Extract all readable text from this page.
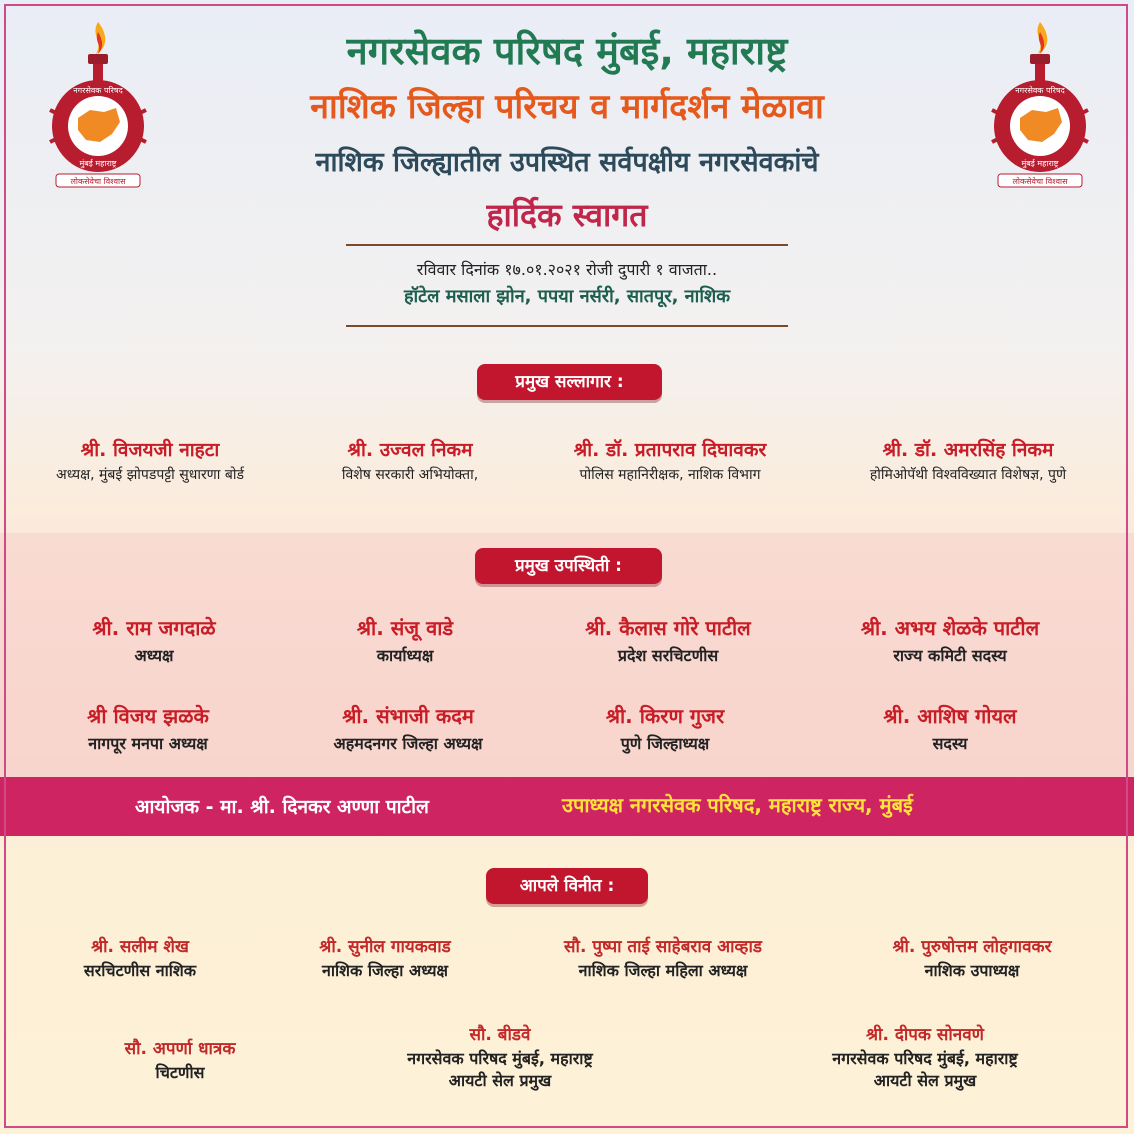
नगरसेवक परिषद
मुंबई महाराष्ट्र
लोकसेवेचा विश्वास
नगरसेवक परिषद
मुंबई महाराष्ट्र
लोकसेवेचा विश्वास
नगरसेवक परिषद मुंबई, महाराष्ट्र
नाशिक जिल्हा परिचय व मार्गदर्शन मेळावा
नाशिक जिल्ह्यातील उपस्थित सर्वपक्षीय नगरसेवकांचे
हार्दिक स्वागत
रविवार दिनांक १७.०१.२०२१ रोजी दुपारी १ वाजता..
हॉटेल मसाला झोन, पपया नर्सरी, सातपूर, नाशिक
प्रमुख सल्लागार :
श्री. विजयजी नाहटा
अध्यक्ष, मुंबई झोपडपट्टी सुधारणा बोर्ड
श्री. उज्वल निकम
विशेष सरकारी अभियोक्ता,
श्री. डॉ. प्रतापराव दिघावकर
पोलिस महानिरीक्षक, नाशिक विभाग
श्री. डॉ. अमरसिंह निकम
होमिओपॅथी विश्वविख्यात विशेषज्ञ, पुणे
प्रमुख उपस्थिती :
श्री. राम जगदाळे
अध्यक्ष
श्री. संजू वाडे
कार्याध्यक्ष
श्री. कैलास गोरे पाटील
प्रदेश सरचिटणीस
श्री. अभय शेळके पाटील
राज्य कमिटी सदस्य
श्री विजय झळके
नागपूर मनपा अध्यक्ष
श्री. संभाजी कदम
अहमदनगर जिल्हा अध्यक्ष
श्री. किरण गुजर
पुणे जिल्हाध्यक्ष
श्री. आशिष गोयल
सदस्य
आयोजक - मा. श्री. दिनकर अण्णा पाटील	उपाध्यक्ष नगरसेवक परिषद, महाराष्ट्र राज्य, मुंबई
आपले विनीत :
श्री. सलीम शेख
सरचिटणीस नाशिक
श्री. सुनील गायकवाड
नाशिक जिल्हा अध्यक्ष
सौ. पुष्पा ताई साहेबराव आव्हाड
नाशिक जिल्हा महिला अध्यक्ष
श्री. पुरुषोत्तम लोहगावकर
नाशिक उपाध्यक्ष
सौ. अपर्णा धात्रक
चिटणीस
सौ. बीडवे
नगरसेवक परिषद मुंबई, महाराष्ट्र
आयटी सेल प्रमुख
श्री. दीपक सोनवणे
नगरसेवक परिषद मुंबई, महाराष्ट्र
आयटी सेल प्रमुख
